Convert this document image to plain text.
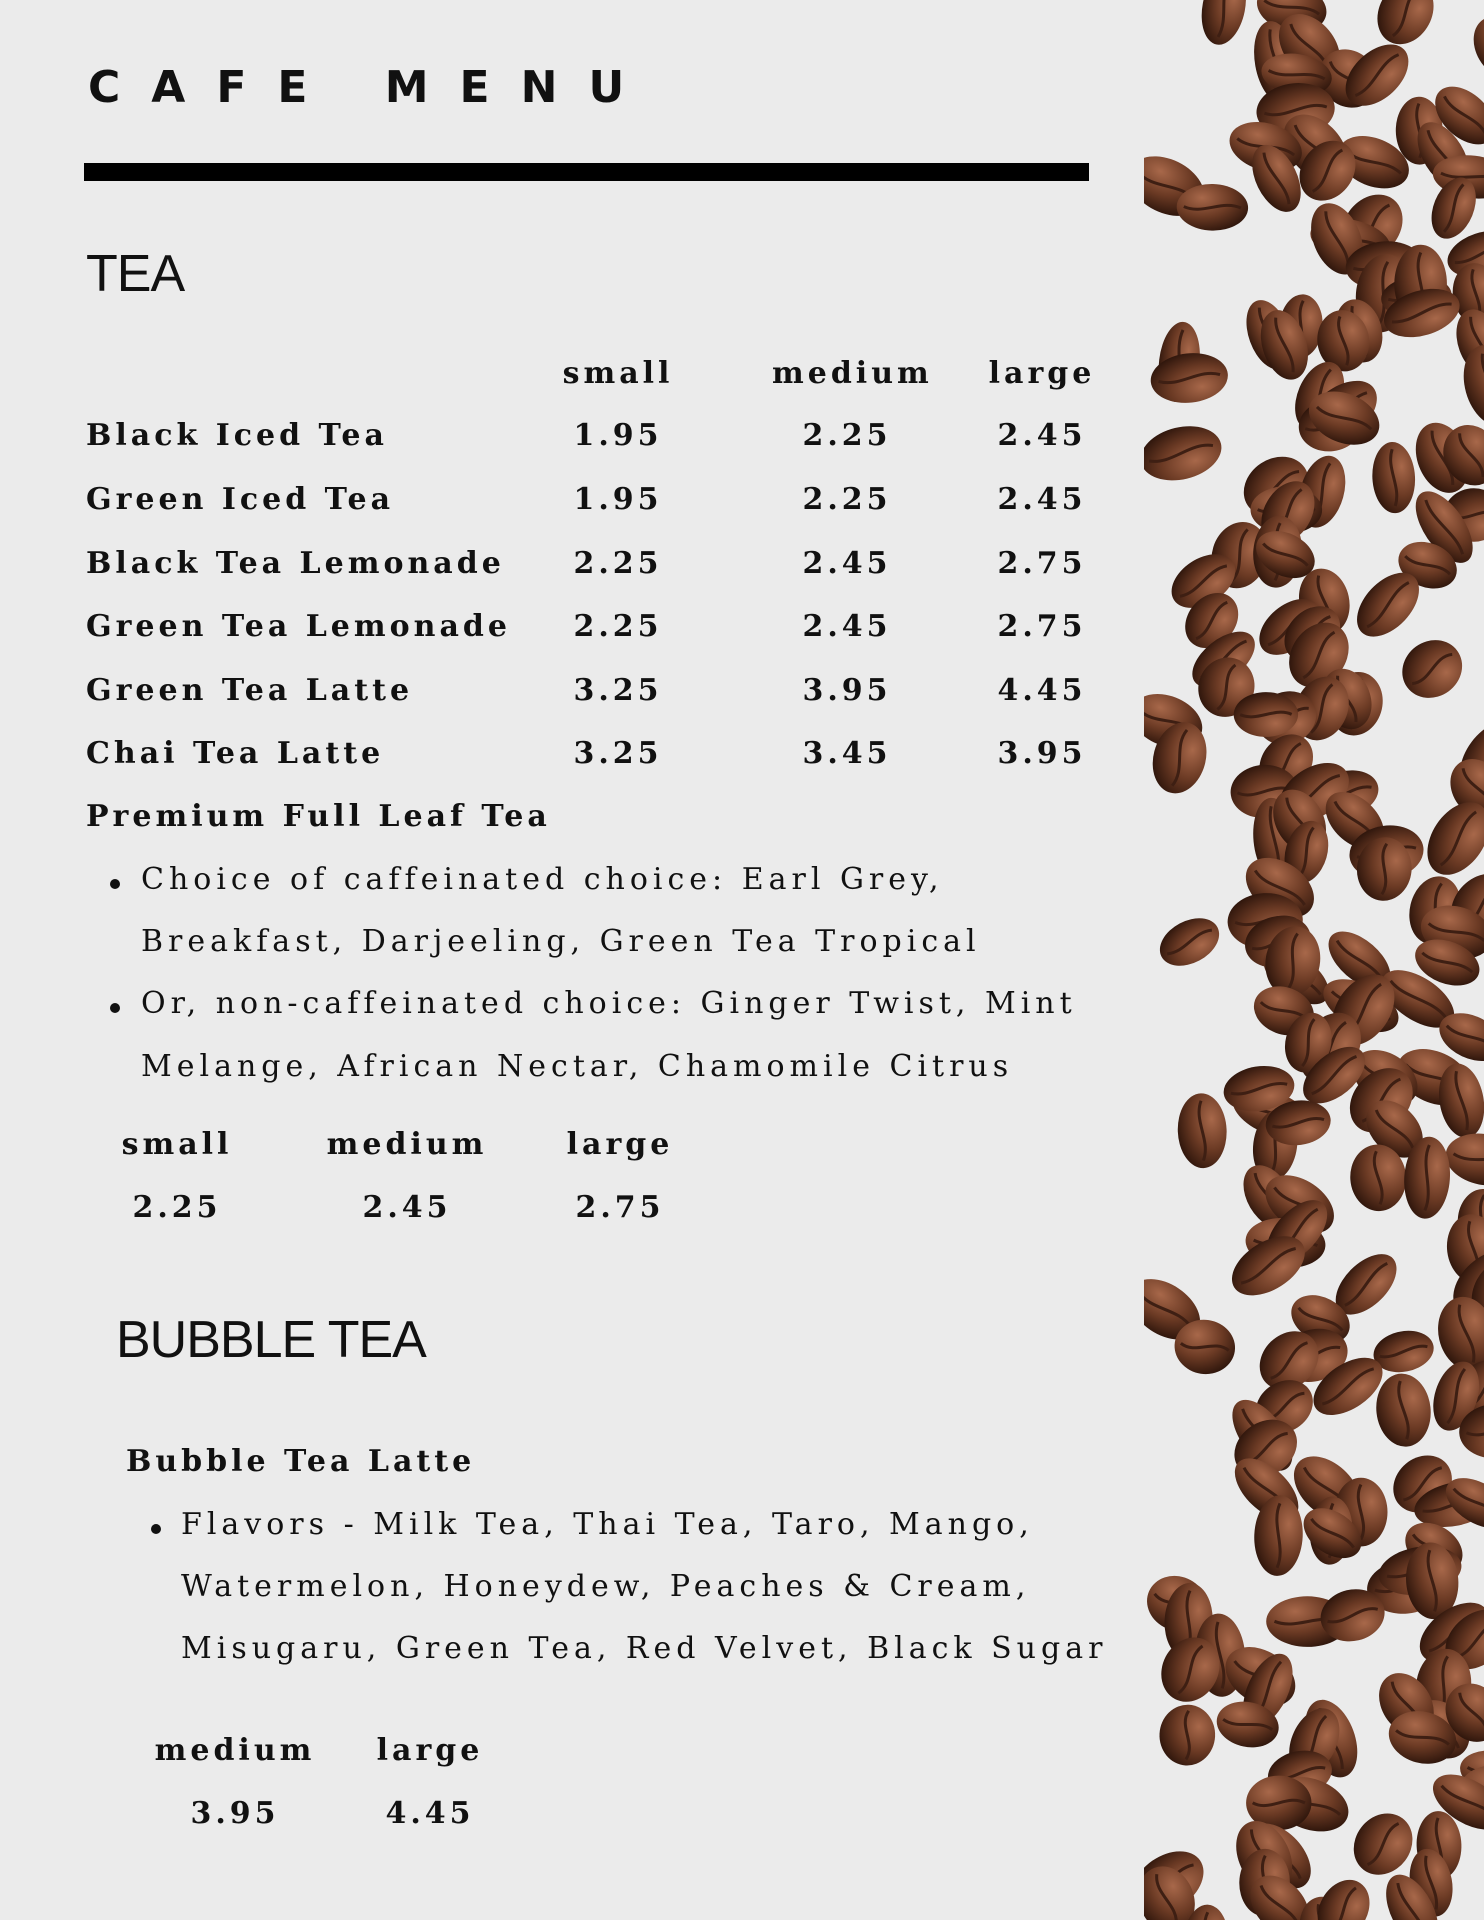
CAFE MENU
TEA
small	medium	large
Black Iced Tea	1.95	2.25	2.45
Green Iced Tea	1.95	2.25	2.45
Black Tea Lemonade	2.25	2.45	2.75
Green Tea Lemonade	2.25	2.45	2.75
Green Tea Latte	3.25	3.95	4.45
Chai Tea Latte	3.25	3.45	3.95
Premium Full Leaf Tea
Choice of caffeinated choice: Earl Grey,
Breakfast, Darjeeling, Green Tea Tropical
Or, non-caffeinated choice: Ginger Twist, Mint
Melange, African Nectar, Chamomile Citrus
small	medium	large
2.25	2.45	2.75
BUBBLE TEA
Bubble Tea Latte
Flavors - Milk Tea, Thai Tea, Taro, Mango,
Watermelon, Honeydew, Peaches & Cream,
Misugaru, Green Tea, Red Velvet, Black Sugar
medium	large
3.95	4.45
